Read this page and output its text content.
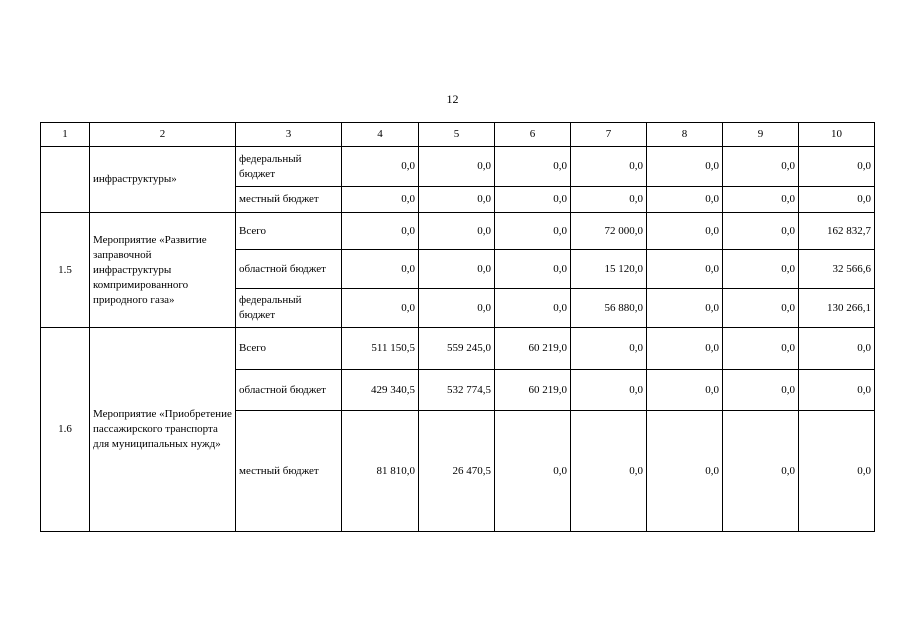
12
1	2	3	4	5	6	7	8	9	10
	инфраструктуры»	федеральный бюджет	0,0	0,0	0,0	0,0	0,0	0,0	0,0
		местный бюджет	0,0	0,0	0,0	0,0	0,0	0,0	0,0
1.5	Мероприятие «Развитие заправочной инфраструктуры компримированного природного газа»	Всего	0,0	0,0	0,0	72 000,0	0,0	0,0	162 832,7
		областной бюджет	0,0	0,0	0,0	15 120,0	0,0	0,0	32 566,6
		федеральный бюджет	0,0	0,0	0,0	56 880,0	0,0	0,0	130 266,1
1.6	Мероприятие «Приобретение пассажирского транспорта для муниципальных нужд»	Всего	511 150,5	559 245,0	60 219,0	0,0	0,0	0,0	0,0
		областной бюджет	429 340,5	532 774,5	60 219,0	0,0	0,0	0,0	0,0
		местный бюджет	81 810,0	26 470,5	0,0	0,0	0,0	0,0	0,0
